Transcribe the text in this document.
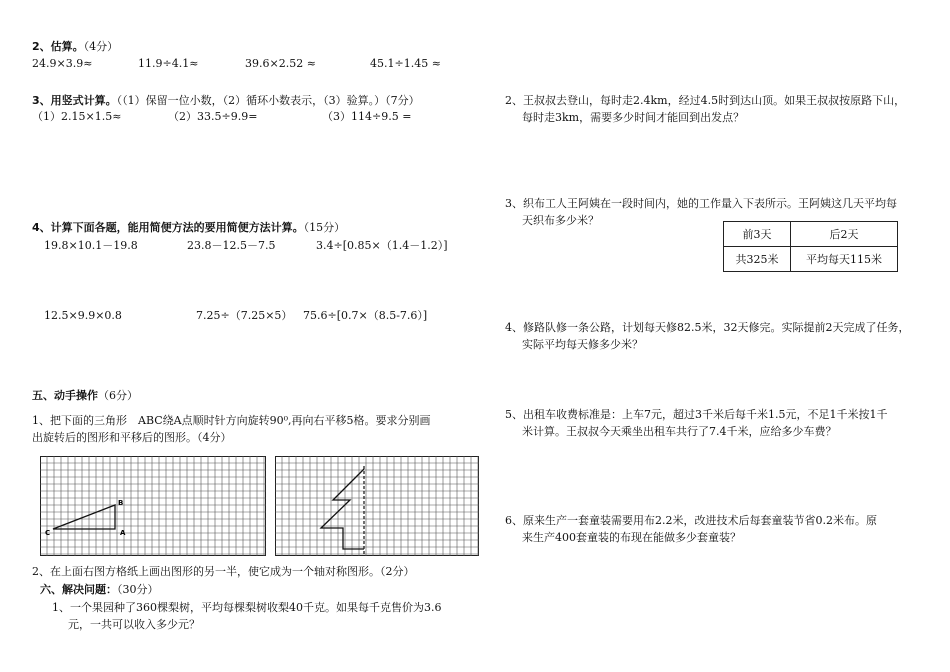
2、估算。（4分）
24.9×3.9≈	11.9÷4.1≈	39.6×2.52 ≈	45.1÷1.45 ≈
3、用竖式计算。（（1）保留一位小数，（2）循环小数表示，（3）验算。）（7分）
（1）2.15×1.5≈	（2）33.5÷9.9=	（3）114÷9.5 =
4、计算下面各题，能用简便方法的要用简便方法计算。（15分）
19.8×10.1－19.8	23.8－12.5－7.5	3.4÷[0.85×（1.4－1.2）]
12.5×9.9×0.8	7.25÷（7.25×5） 75.6÷[0.7×（8.5-7.6）]
五、动手操作（6分）
1、把下面的三角形　ABC绕A点顺时针方向旋转90⁰,再向右平移5格。要求分别画
出旋转后的图形和平移后的图形。（4分）
B
C	A
2、在上面右图方格纸上画出图形的另一半，使它成为一个轴对称图形。（2分）
六、解决问题：（30分）
1、一个果园种了360棵梨树，平均每棵梨树收梨40千克。如果每千克售价为3.6
元，一共可以收入多少元？
2、王叔叔去登山，每时走2.4km，经过4.5时到达山顶。如果王叔叔按原路下山，
每时走3km，需要多少时间才能回到出发点？
3、织布工人王阿姨在一段时间内，她的工作量入下表所示。王阿姨这几天平均每
天织布多少米？
前3天	后2天
共325米	平均每天115米
4、修路队修一条公路，计划每天修82.5米，32天修完。实际提前2天完成了任务，
实际平均每天修多少米？
5、出租车收费标准是：上车7元，超过3千米后每千米1.5元，不足1千米按1千
米计算。王叔叔今天乘坐出租车共行了7.4千米，应给多少车费？
6、原来生产一套童装需要用布2.2米，改进技术后每套童装节省0.2米布。原
来生产400套童装的布现在能做多少套童装？
